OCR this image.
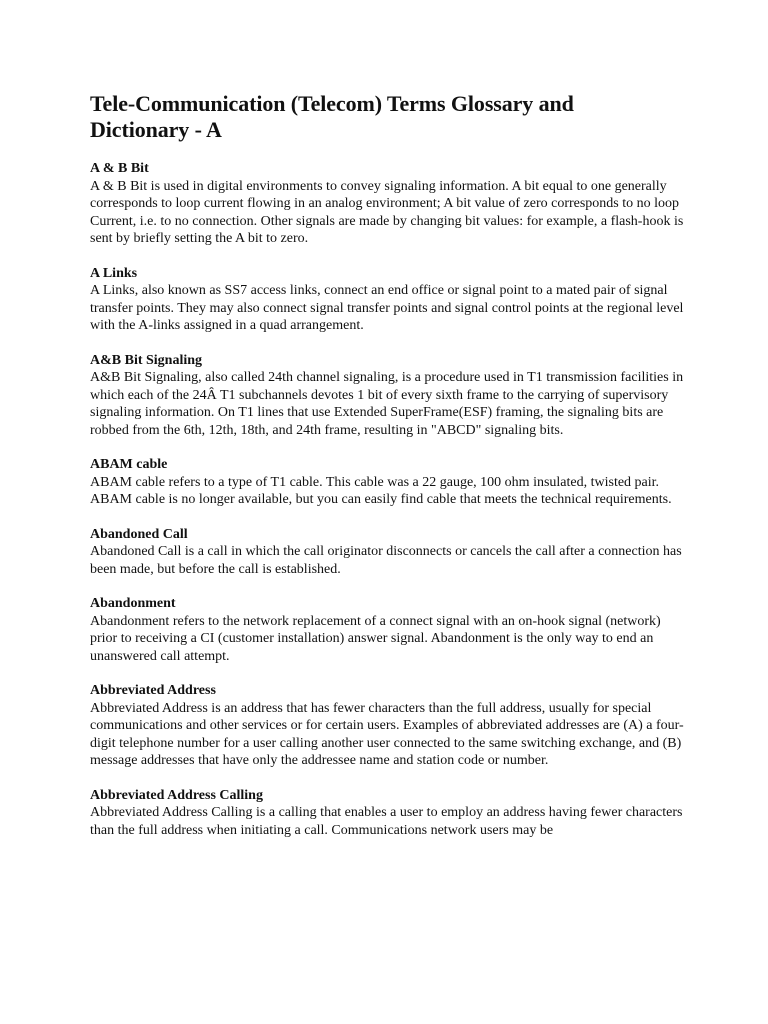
Tele-Communication (Telecom) Terms Glossary and
Dictionary - A
A & B Bit
A & B Bit is used in digital environments to convey signaling information. A bit equal to one generally corresponds to loop current flowing in an analog environment; A bit value of zero corresponds to no loop Current, i.e. to no connection. Other signals are made by changing bit values: for example, a flash-hook is sent by briefly setting the A bit to zero.
A Links
A Links, also known as SS7 access links, connect an end office or signal point to a mated pair of signal transfer points. They may also connect signal transfer points and signal control points at the regional level with the A-links assigned in a quad arrangement.
A&B Bit Signaling
A&B Bit Signaling, also called 24th channel signaling, is a procedure used in T1 transmission facilities in which each of the 24Â T1 subchannels devotes 1 bit of every sixth frame to the carrying of supervisory signaling information. On T1 lines that use Extended SuperFrame(ESF) framing, the signaling bits are robbed from the 6th, 12th, 18th, and 24th frame, resulting in "ABCD" signaling bits.
ABAM cable
ABAM cable refers to a type of T1 cable. This cable was a 22 gauge, 100 ohm insulated, twisted pair. ABAM cable is no longer available, but you can easily find cable that meets the technical requirements.
Abandoned Call
Abandoned Call is a call in which the call originator disconnects or cancels the call after a connection has been made, but before the call is established.
Abandonment
Abandonment refers to the network replacement of a connect signal with an on-hook signal (network) prior to receiving a CI (customer installation) answer signal. Abandonment is the only way to end an unanswered call attempt.
Abbreviated Address
Abbreviated Address is an address that has fewer characters than the full address, usually for special communications and other services or for certain users. Examples of abbreviated addresses are (A) a four-digit telephone number for a user calling another user connected to the same switching exchange, and (B) message addresses that have only the addressee name and station code or number.
Abbreviated Address Calling
Abbreviated Address Calling is a calling that enables a user to employ an address having fewer characters than the full address when initiating a call. Communications network users may be
